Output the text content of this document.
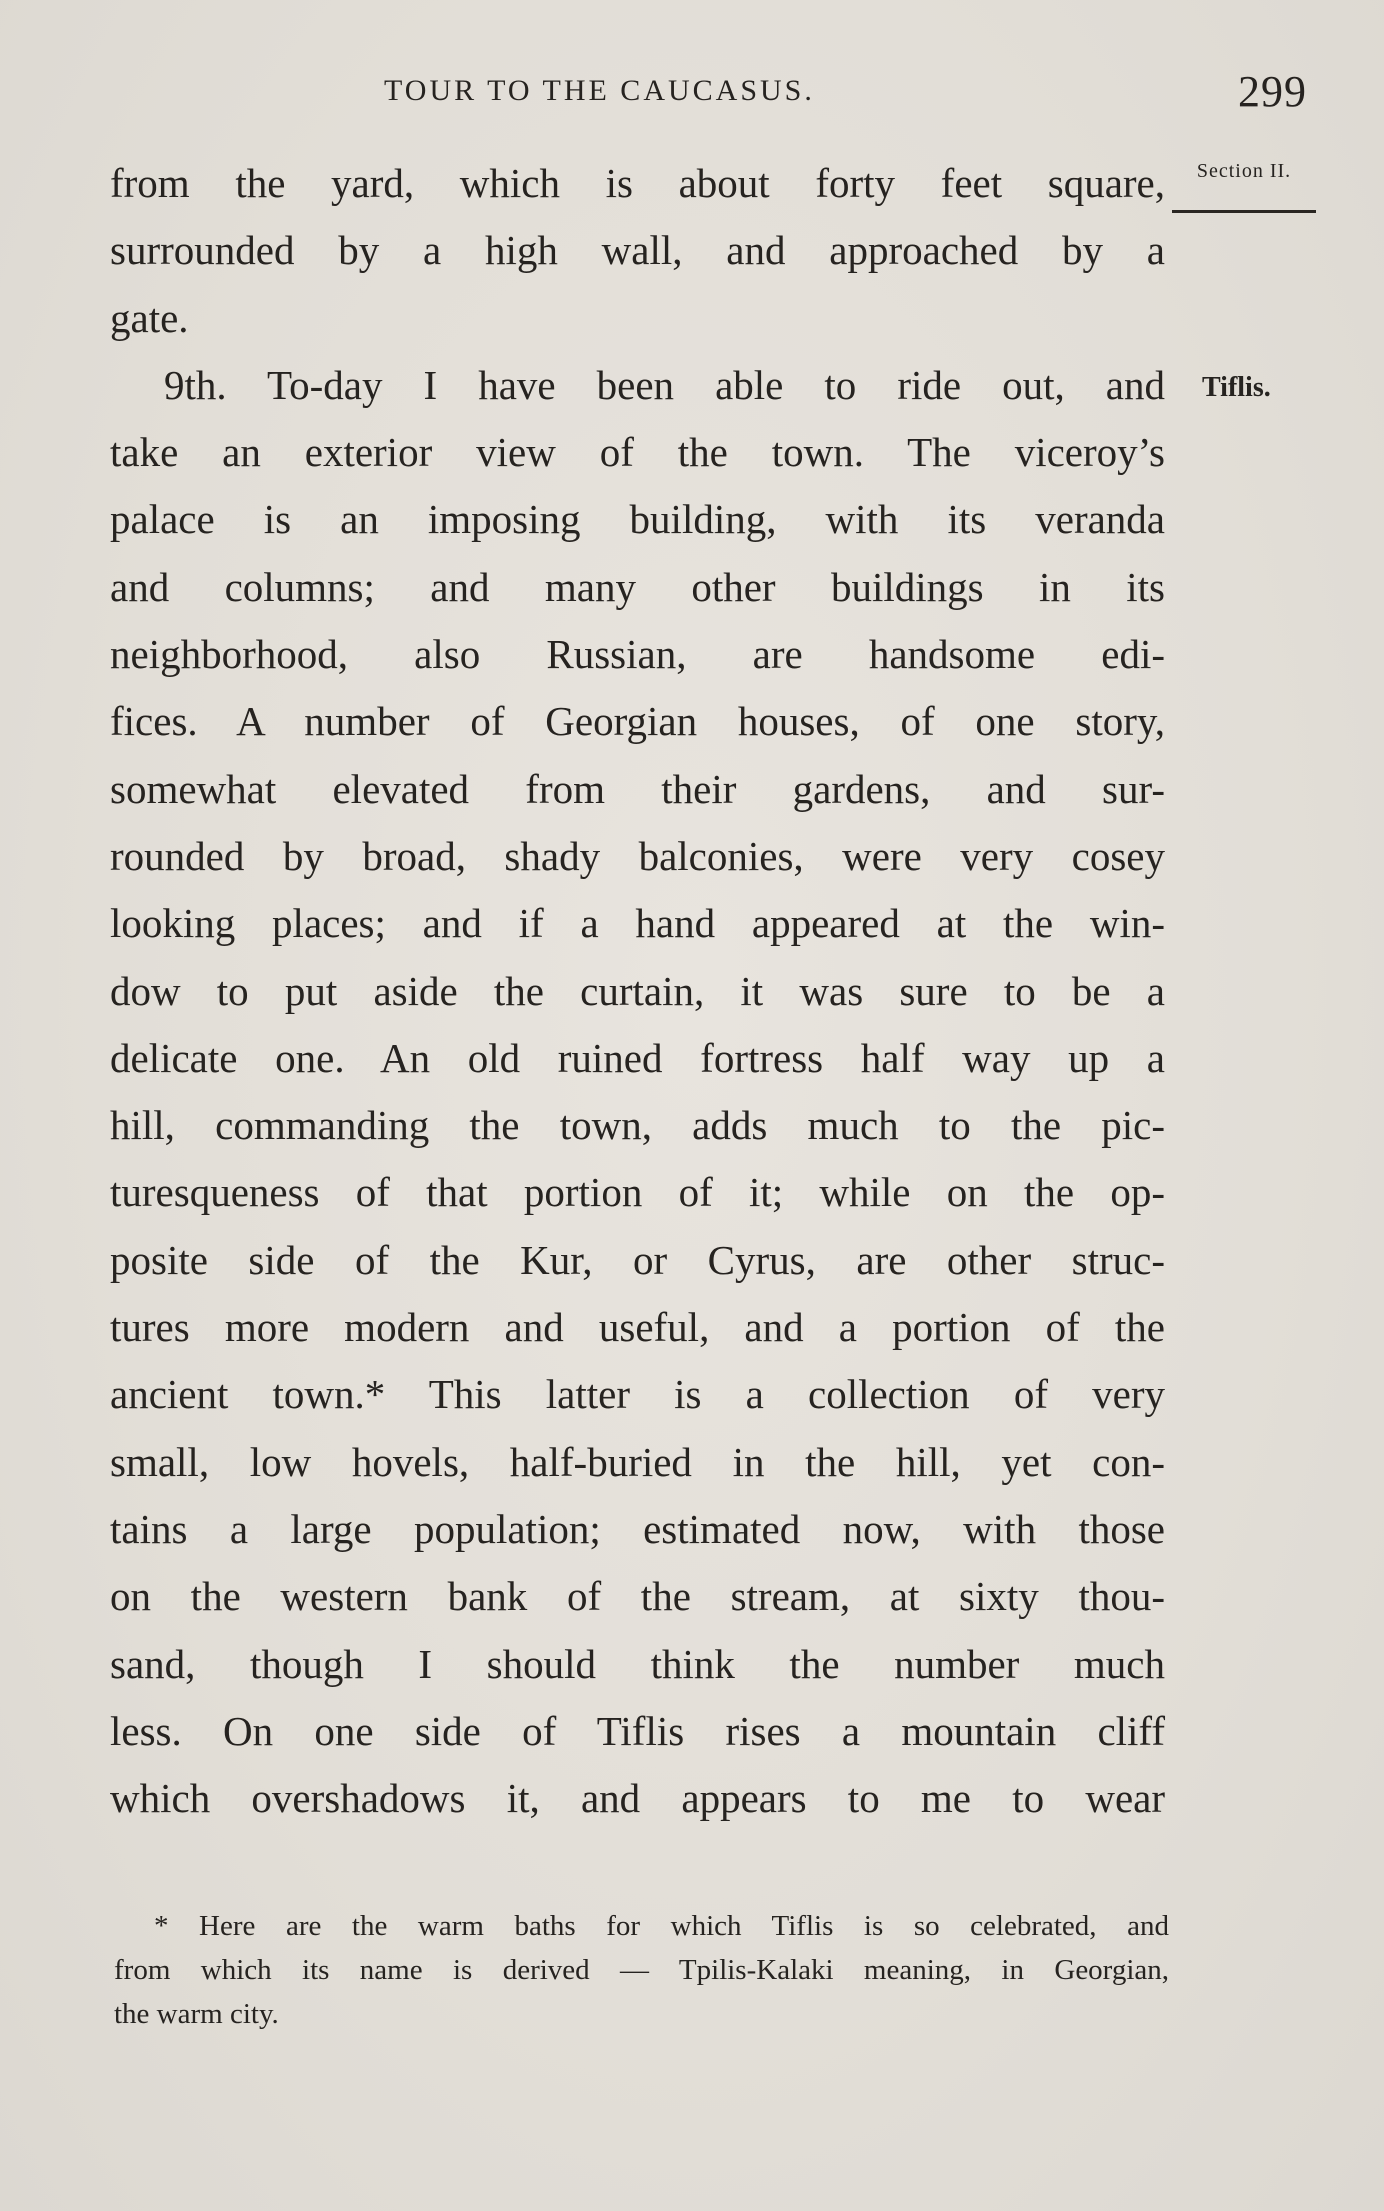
TOUR TO THE CAUCASUS.	299
Section II.
Tiflis.
from the yard, which is about forty feet square,
surrounded by a high wall, and approached by a
gate.
9th. To-day I have been able to ride out, and
take an exterior view of the town. The viceroy’s
palace is an imposing building, with its veranda
and columns; and many other buildings in its
neighborhood, also Russian, are handsome edi-
fices. A number of Georgian houses, of one story,
somewhat elevated from their gardens, and sur-
rounded by broad, shady balconies, were very cosey
looking places; and if a hand appeared at the win-
dow to put aside the curtain, it was sure to be a
delicate one. An old ruined fortress half way up a
hill, commanding the town, adds much to the pic-
turesqueness of that portion of it; while on the op-
posite side of the Kur, or Cyrus, are other struc-
tures more modern and useful, and a portion of the
ancient town.* This latter is a collection of very
small, low hovels, half-buried in the hill, yet con-
tains a large population; estimated now, with those
on the western bank of the stream, at sixty thou-
sand, though I should think the number much
less. On one side of Tiflis rises a mountain cliff
which overshadows it, and appears to me to wear
* Here are the warm baths for which Tiflis is so celebrated, and
from which its name is derived — Tpilis-Kalaki meaning, in Georgian,
the warm city.
